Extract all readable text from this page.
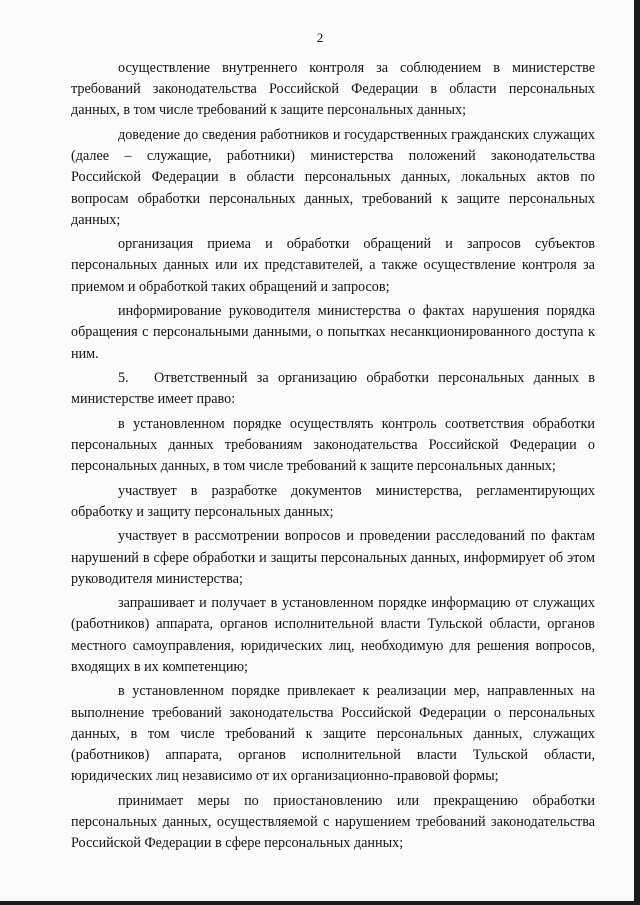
2

осуществление внутреннего контроля за соблюдением в министерстве требований законодательства Российской Федерации в области персональных данных, в том числе требований к защите персональных данных;

доведение до сведения работников и государственных гражданских служащих (далее – служащие, работники) министерства положений законодательства Российской Федерации в области персональных данных, локальных актов по вопросам обработки персональных данных, требований к защите персональных данных;

организация приема и обработки обращений и запросов субъектов персональных данных или их представителей, а также осуществление контроля за приемом и обработкой таких обращений и запросов;

информирование руководителя министерства о фактах нарушения порядка обращения с персональными данными, о попытках несанкционированного доступа к ним.

5. Ответственный за организацию обработки персональных данных в министерстве имеет право:

в установленном порядке осуществлять контроль соответствия обработки персональных данных требованиям законодательства Российской Федерации о персональных данных, в том числе требований к защите персональных данных;

участвует в разработке документов министерства, регламентирующих обработку и защиту персональных данных;

участвует в рассмотрении вопросов и проведении расследований по фактам нарушений в сфере обработки и защиты персональных данных, информирует об этом руководителя министерства;

запрашивает и получает в установленном порядке информацию от служащих (работников) аппарата, органов исполнительной власти Тульской области, органов местного самоуправления, юридических лиц, необходимую для решения вопросов, входящих в их компетенцию;

в установленном порядке привлекает к реализации мер, направленных на выполнение требований законодательства Российской Федерации о персональных данных, в том числе требований к защите персональных данных, служащих (работников) аппарата, органов исполнительной власти Тульской области, юридических лиц независимо от их организационно-правовой формы;

принимает меры по приостановлению или прекращению обработки персональных данных, осуществляемой с нарушением требований законодательства Российской Федерации в сфере персональных данных;
